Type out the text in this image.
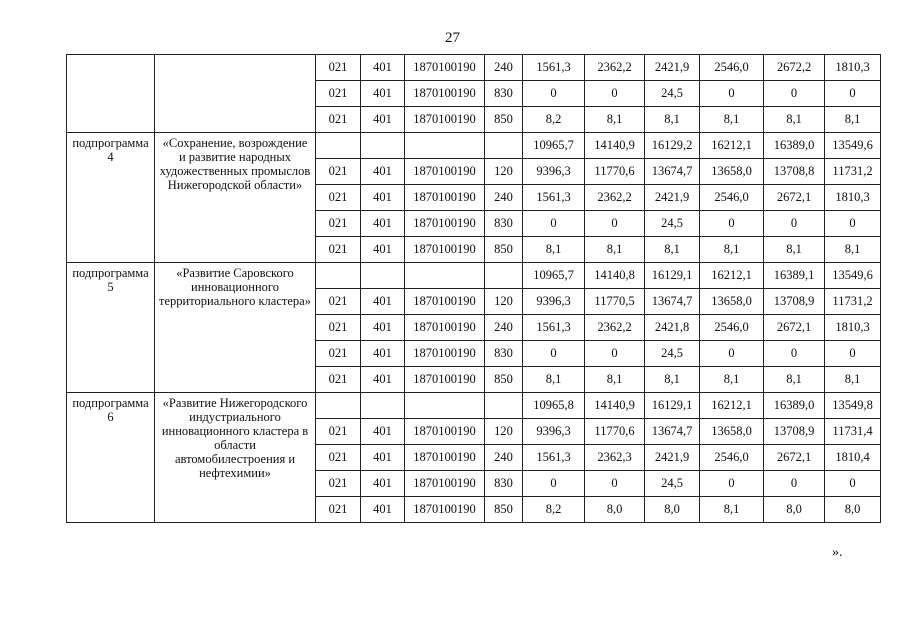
27
		021	401	1870100190	240	1561,3	2362,2	2421,9	2546,0	2672,2	1810,3
		021	401	1870100190	830	0	0	24,5	0	0	0
		021	401	1870100190	850	8,2	8,1	8,1	8,1	8,1	8,1
подпрограмма 4	«Сохранение, возрождение и развитие народных художественных промыслов Нижегородской области»					10965,7	14140,9	16129,2	16212,1	16389,0	13549,6
		021	401	1870100190	120	9396,3	11770,6	13674,7	13658,0	13708,8	11731,2
		021	401	1870100190	240	1561,3	2362,2	2421,9	2546,0	2672,1	1810,3
		021	401	1870100190	830	0	0	24,5	0	0	0
		021	401	1870100190	850	8,1	8,1	8,1	8,1	8,1	8,1
подпрограмма 5	«Развитие Саровского инновационного территориального кластера»					10965,7	14140,8	16129,1	16212,1	16389,1	13549,6
		021	401	1870100190	120	9396,3	11770,5	13674,7	13658,0	13708,9	11731,2
		021	401	1870100190	240	1561,3	2362,2	2421,8	2546,0	2672,1	1810,3
		021	401	1870100190	830	0	0	24,5	0	0	0
		021	401	1870100190	850	8,1	8,1	8,1	8,1	8,1	8,1
подпрограмма 6	«Развитие Нижегородского индустриального инновационного кластера в области автомобилестроения и нефтехимии»					10965,8	14140,9	16129,1	16212,1	16389,0	13549,8
		021	401	1870100190	120	9396,3	11770,6	13674,7	13658,0	13708,9	11731,4
		021	401	1870100190	240	1561,3	2362,3	2421,9	2546,0	2672,1	1810,4
		021	401	1870100190	830	0	0	24,5	0	0	0
		021	401	1870100190	850	8,2	8,0	8,0	8,1	8,0	8,0
».
